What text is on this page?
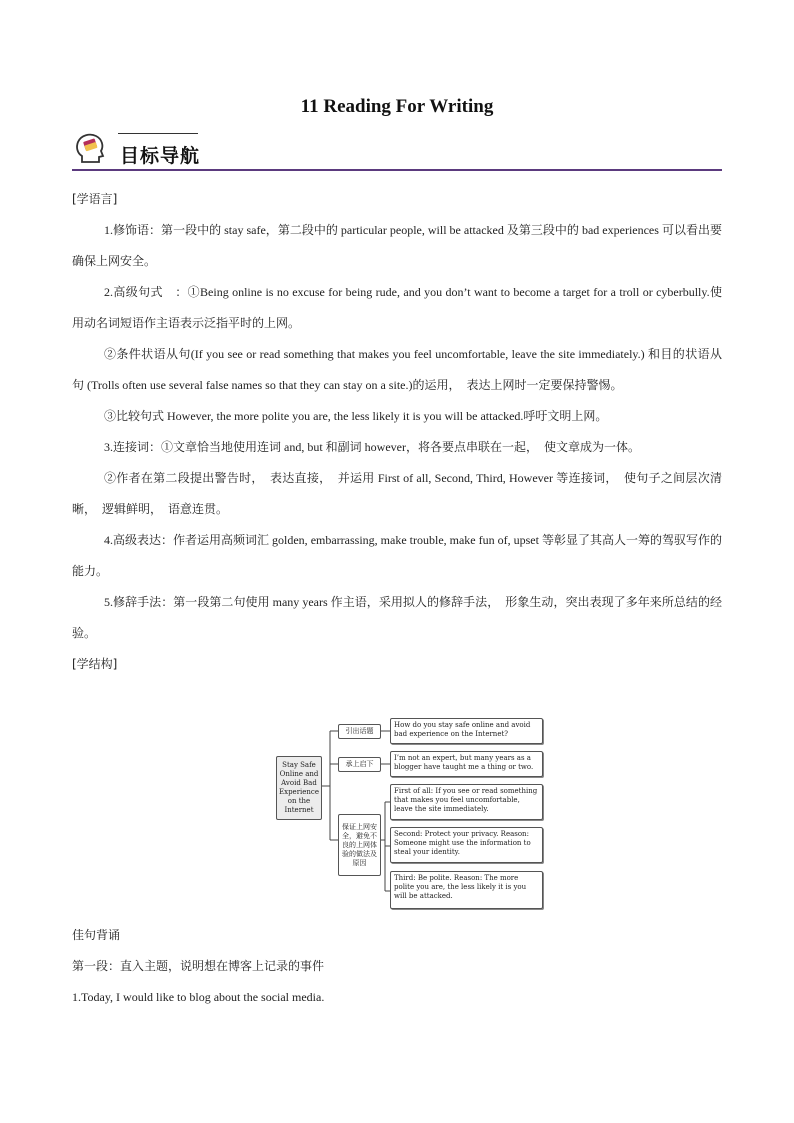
11 Reading For Writing
目标导航

[学语言]

1.修饰语：第一段中的 stay safe，第二段中的 particular people, will be attacked 及第三段中的 bad experiences 可以看出要确保上网安全。

2.高级句式　：①Being online is no excuse for being rude, and you don’t want to become a target for a troll or cyberbully.使用动名词短语作主语表示泛指平时的上网。

②条件状语从句(If you see or read something that makes you feel uncomfortable, leave the site immediately.) 和目的状语从句 (Trolls often use several false names so that they can stay on a site.)的运用，　表达上网时一定要保持警惕。

③比较句式 However, the more polite you are, the less likely it is you will be attacked.呼吁文明上网。

3.连接词：①文章恰当地使用连词 and, but 和副词 however，将各要点串联在一起，　使文章成为一体。

②作者在第二段提出警告时，　表达直接，　并运用 First of all, Second, Third, However 等连接词，　使句子之间层次清晰，　逻辑鲜明，　语意连贯。

4.高级表达：作者运用高频词汇 golden, embarrassing, make trouble, make fun of, upset 等彰显了其高人一筹的驾驭写作的能力。

5.修辞手法：第一段第二句使用 many years 作主语，采用拟人的修辞手法，　形象生动，突出表现了多年来所总结的经验。

[学结构]

Stay Safe Online and Avoid Bad Experience on the Internet
引出话题
承上启下
保证上网安全，避免不良的上网体验的做法及原因
How do you stay safe online and avoid bad experience on the Internet?
I’m not an expert, but many years as a blogger have taught me a thing or two.
First of all: If you see or read something that makes you feel uncomfortable, leave the site immediately.
Second: Protect your privacy. Reason: Someone might use the information to steal your identity.
Third: Be polite. Reason: The more polite you are, the less likely it is you will be attacked.

佳句背诵

第一段：直入主题，说明想在博客上记录的事件

1.Today, I would like to blog about the social media.
